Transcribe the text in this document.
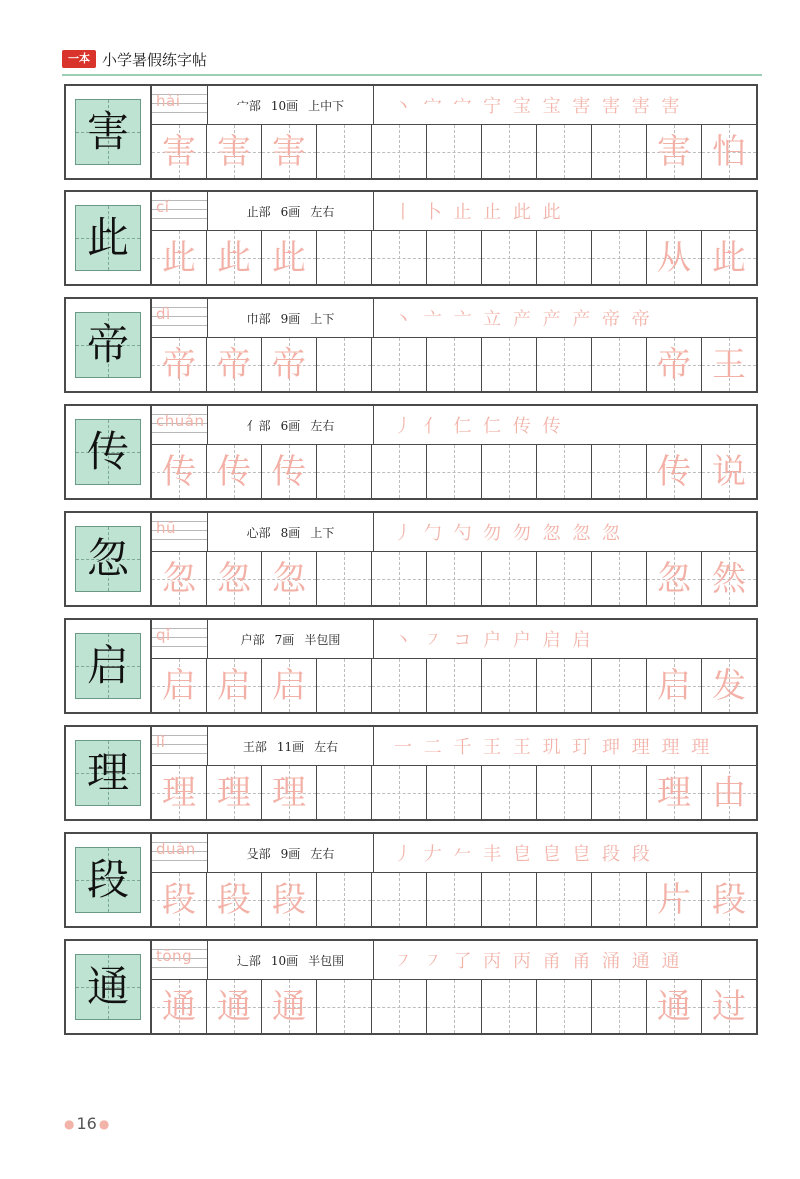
一本 小学暑假练字帖
害
hài	宀部 10画 上中下	丶 宀 宀 宁 宝 宝 害 害 害 害
害 害 害	害 怕
此
cǐ	止部 6画 左右	丨 卜 止 止 此 此
此 此 此	从 此
帝
dì	巾部 9画 上下	丶 亠 亠 立 产 产 产 帝 帝
帝 帝 帝	帝 王
传
chuán	亻部 6画 左右	丿 亻 仁 仁 传 传
传 传 传	传 说
忽
hū	心部 8画 上下	丿 勹 勺 勿 勿 忽 忽 忽
忽 忽 忽	忽 然
启
qǐ	户部 7画 半包围	丶 ㇇ コ 户 户 启 启
启 启 启	启 发
理
lǐ	王部 11画 左右	一 二 千 王 王 玑 玎 玾 理 理 理
理 理 理	理 由
段
duàn	殳部 9画 左右	丿 𠂇 𠂉 丰 皀 皀 皀 段 段
段 段 段	片 段
通
tōng	辶部 10画 半包围	㇇ ㇇ 了 丙 丙 甬 甬 涌 通 通
通 通 通	通 过
● 16 ●
